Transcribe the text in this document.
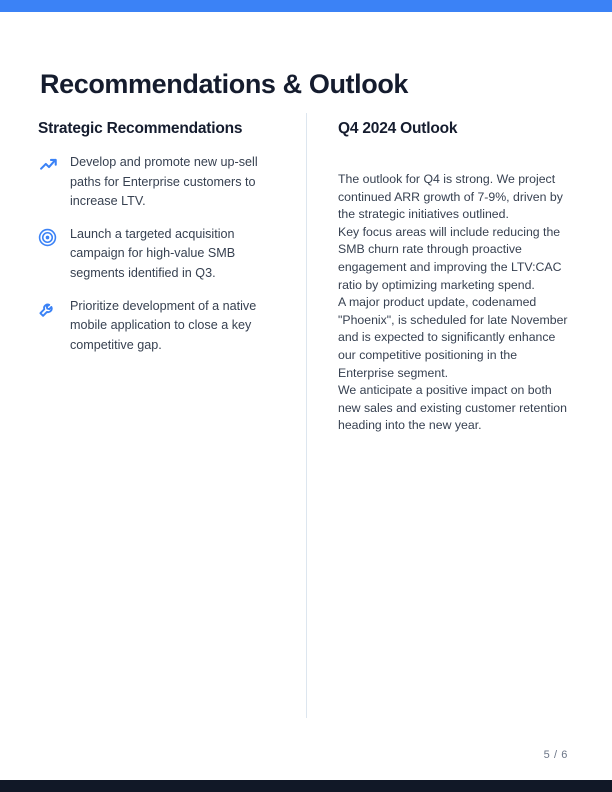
Recommendations & Outlook
Strategic Recommendations
Develop and promote new up-sell paths for Enterprise customers to increase LTV.
Launch a targeted acquisition campaign for high-value SMB segments identified in Q3.
Prioritize development of a native mobile application to close a key competitive gap.
Q4 2024 Outlook

The outlook for Q4 is strong. We project continued ARR growth of 7-9%, driven by the strategic initiatives outlined.

Key focus areas will include reducing the SMB churn rate through proactive engagement and improving the LTV:CAC ratio by optimizing marketing spend.

A major product update, codenamed "Phoenix", is scheduled for late November and is expected to significantly enhance our competitive positioning in the Enterprise segment.

We anticipate a positive impact on both new sales and existing customer retention heading into the new year.

5 / 6
